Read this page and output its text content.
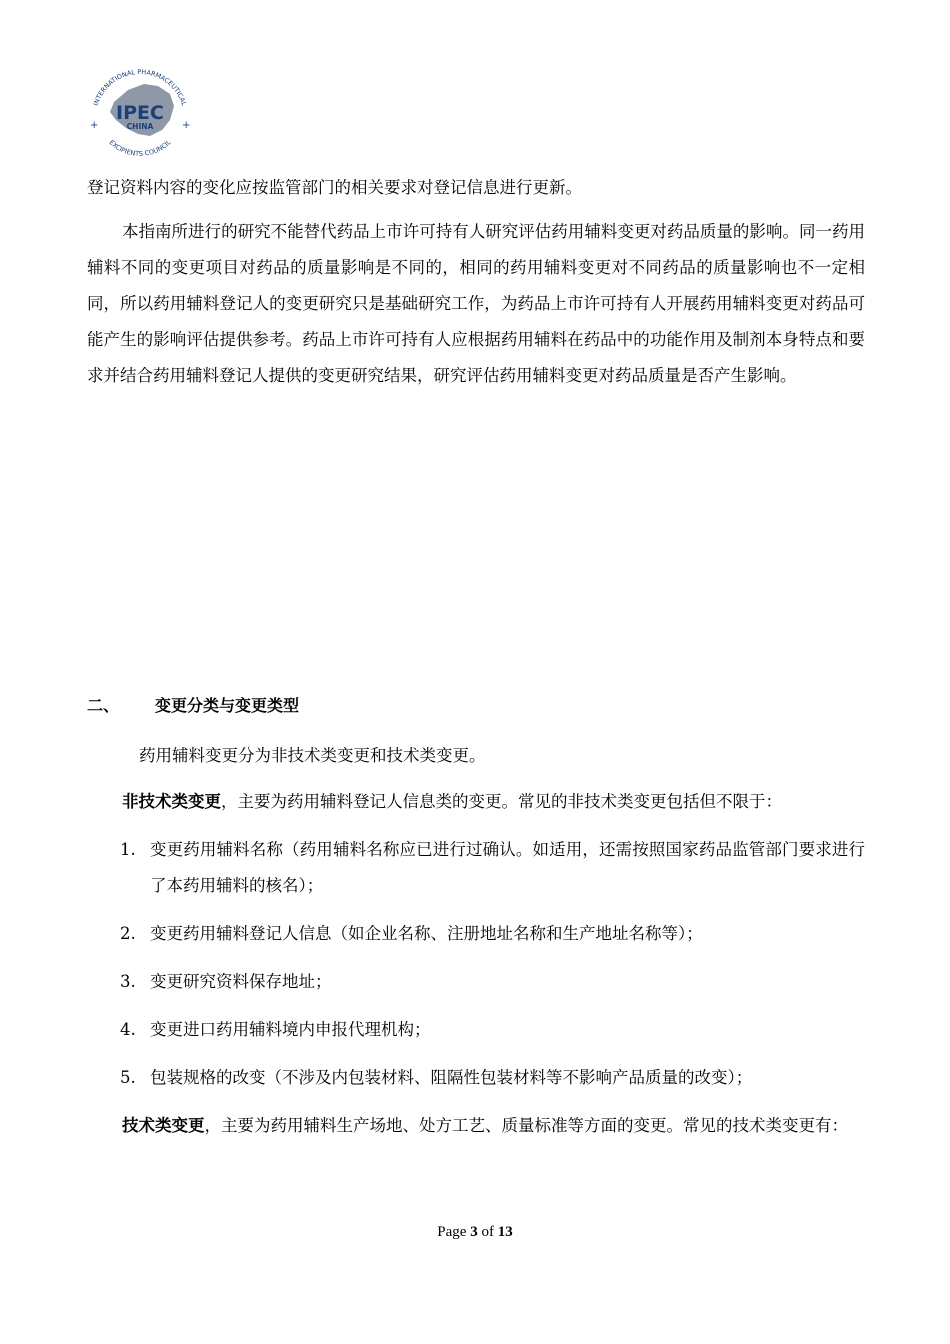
INTERNATIONAL PHARMACEUTICAL
EXCIPIENTS COUNCIL
IPEC
CHINA
+	+

登记资料内容的变化应按监管部门的相关要求对登记信息进行更新。

本指南所进行的研究不能替代药品上市许可持有人研究评估药用辅料变更对药品质量的影响。同一药用辅料不同的变更项目对药品的质量影响是不同的，相同的药用辅料变更对不同药品的质量影响也不一定相同，所以药用辅料登记人的变更研究只是基础研究工作，为药品上市许可持有人开展药用辅料变更对药品可能产生的影响评估提供参考。药品上市许可持有人应根据药用辅料在药品中的功能作用及制剂本身特点和要求并结合药用辅料登记人提供的变更研究结果，研究评估药用辅料变更对药品质量是否产生影响。

二、 变更分类与变更类型

药用辅料变更分为非技术类变更和技术类变更。

非技术类变更，主要为药用辅料登记人信息类的变更。常见的非技术类变更包括但不限于：

1. 变更药用辅料名称（药用辅料名称应已进行过确认。如适用，还需按照国家药品监管部门要求进行了本药用辅料的核名）；
2. 变更药用辅料登记人信息（如企业名称、注册地址名称和生产地址名称等）；
3. 变更研究资料保存地址；
4. 变更进口药用辅料境内申报代理机构；
5. 包装规格的改变（不涉及内包装材料、阻隔性包装材料等不影响产品质量的改变）；

技术类变更，主要为药用辅料生产场地、处方工艺、质量标准等方面的变更。常见的技术类变更有：

Page 3 of 13
